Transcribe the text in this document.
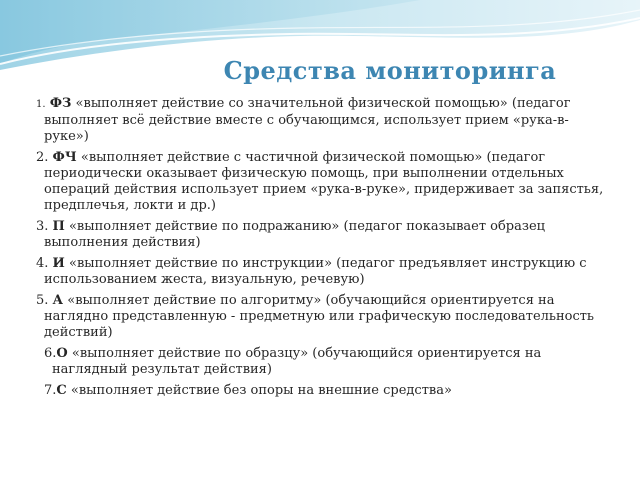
Средства мониторинга
1. ФЗ «выполняет действие со значительной физической помощью» (педагог выполняет всё действие вместе с обучающимся, использует прием «рука-в-руке»)
2. ФЧ «выполняет действие с частичной физической помощью» (педагог периодически оказывает физическую помощь, при выполнении отдельных операций действия использует прием «рука-в-руке», придерживает за запястья, предплечья, локти и др.)
3. П «выполняет действие по подражанию» (педагог показывает образец выполнения действия)
4. И «выполняет действие по инструкции» (педагог предъявляет инструкцию с использованием жеста, визуальную, речевую)
5. А «выполняет действие по алгоритму» (обучающийся ориентируется на наглядно представленную - предметную или графическую последовательность действий)
6.О «выполняет действие по образцу» (обучающийся ориентируется на наглядный результат действия)
7.С «выполняет действие без опоры на внешние средства»
